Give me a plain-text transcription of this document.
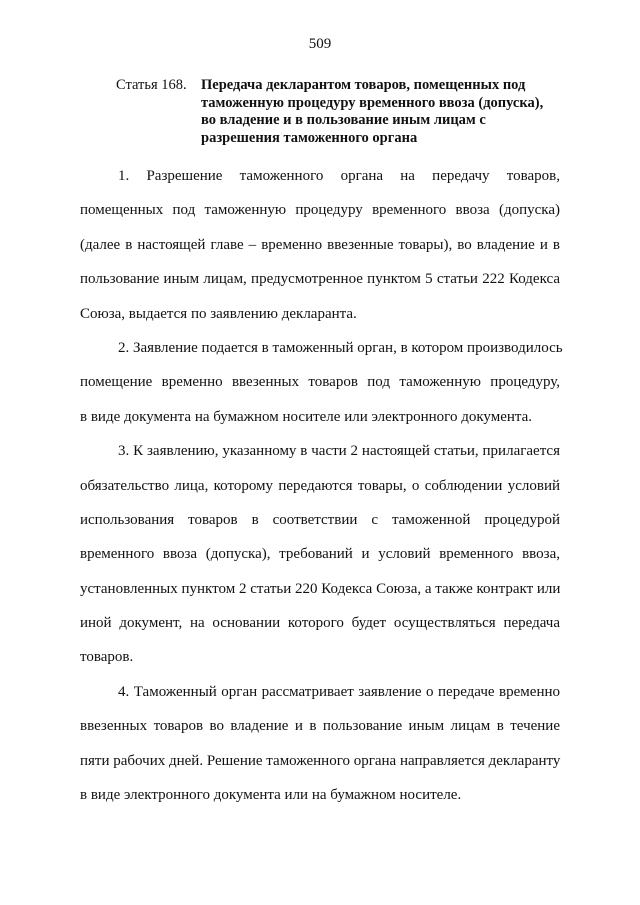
509
Статья 168. Передача декларантом товаров, помещенных под
таможенную процедуру временного ввоза (допуска),
во владение и в пользование иным лицам с
разрешения таможенного органа
1. Разрешение таможенного органа на передачу товаров,
помещенных под таможенную процедуру временного ввоза (допуска)
(далее в настоящей главе – временно ввезенные товары), во владение и в
пользование иным лицам, предусмотренное пунктом 5 статьи 222 Кодекса
Союза, выдается по заявлению декларанта.
2. Заявление подается в таможенный орган, в котором производилось
помещение временно ввезенных товаров под таможенную процедуру,
в виде документа на бумажном носителе или электронного документа.
3. К заявлению, указанному в части 2 настоящей статьи, прилагается
обязательство лица, которому передаются товары, о соблюдении условий
использования товаров в соответствии с таможенной процедурой
временного ввоза (допуска), требований и условий временного ввоза,
установленных пунктом 2 статьи 220 Кодекса Союза, а также контракт или
иной документ, на основании которого будет осуществляться передача
товаров.
4. Таможенный орган рассматривает заявление о передаче временно
ввезенных товаров во владение и в пользование иным лицам в течение
пяти рабочих дней. Решение таможенного органа направляется декларанту
в виде электронного документа или на бумажном носителе.
